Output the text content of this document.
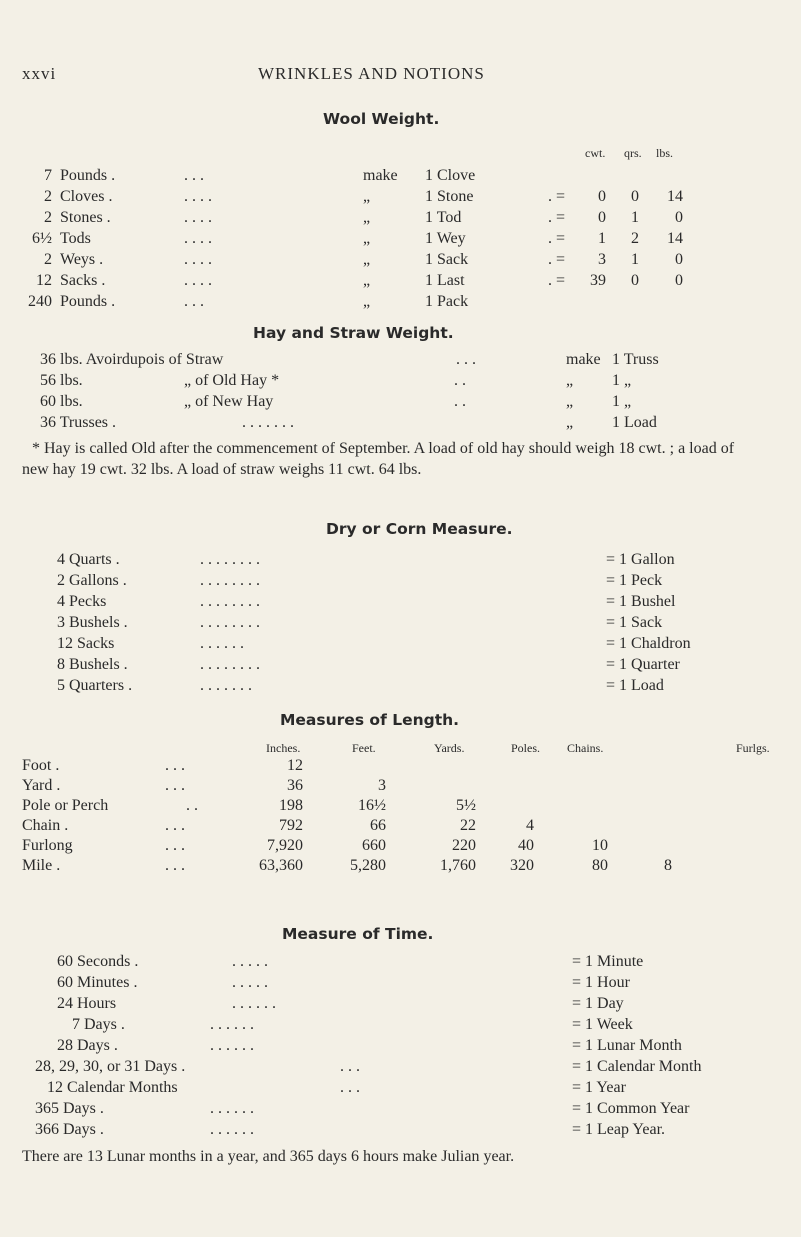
xxvi	WRINKLES AND NOTIONS
Wool Weight.
cwt. qrs. lbs.
7 Pounds .	. . .	make	1 Clove
2 Cloves .	. . . .	„	1 Stone	. =	0	0	14
2 Stones .	. . . .	„	1 Tod	. =	0	1	0
6½ Tods	. . . .	„	1 Wey	. =	1	2	14
2 Weys .	. . . .	„	1 Sack	. =	3	1	0
12 Sacks .	. . . .	„	1 Last	. =	39	0	0
240 Pounds .	. . .	„	1 Pack
Hay and Straw Weight.
36 lbs. Avoirdupois of Straw	. . .	make 1 Truss
56 lbs.	„ of Old Hay *	. .	„	1 „
60 lbs.	„ of New Hay	. .	„	1 „
36 Trusses .	. . . . . . .	„	1 Load
* Hay is called Old after the commencement of September. A load of old hay should weigh 18 cwt. ; a load of new hay 19 cwt. 32 lbs. A load of straw weighs 11 cwt. 64 lbs.
Dry or Corn Measure.
4 Quarts .	. . . . . . . .	= 1 Gallon
2 Gallons .	. . . . . . . .	= 1 Peck
4 Pecks	. . . . . . . .	= 1 Bushel
3 Bushels .	. . . . . . . .	= 1 Sack
12 Sacks	. . . . . .	= 1 Chaldron
8 Bushels .	. . . . . . . .	= 1 Quarter
5 Quarters .	. . . . . . .	= 1 Load
Measures of Length.
Inches.	Feet.	Yards.	Poles. Chains.	Furlgs.
Foot .	. . .	12
Yard .	. . .	36	3
Pole or Perch	. .	198	16½	5½
Chain .	. . .	792	66	22	4
Furlong	. . .	7,920	660	220	40	10
Mile .	. . .	63,360	5,280	1,760	320	80	8
Measure of Time.
60 Seconds .	. . . . .	= 1 Minute
60 Minutes .	. . . . .	= 1 Hour
24 Hours	. . . . . .	= 1 Day
7 Days .	. . . . . .	= 1 Week
28 Days .	. . . . . .	= 1 Lunar Month
28, 29, 30, or 31 Days .	. . .	= 1 Calendar Month
12 Calendar Months	. . .	= 1 Year
365 Days .	. . . . . .	= 1 Common Year
366 Days .	. . . . . .	= 1 Leap Year.
There are 13 Lunar months in a year, and 365 days 6 hours make Julian year.
